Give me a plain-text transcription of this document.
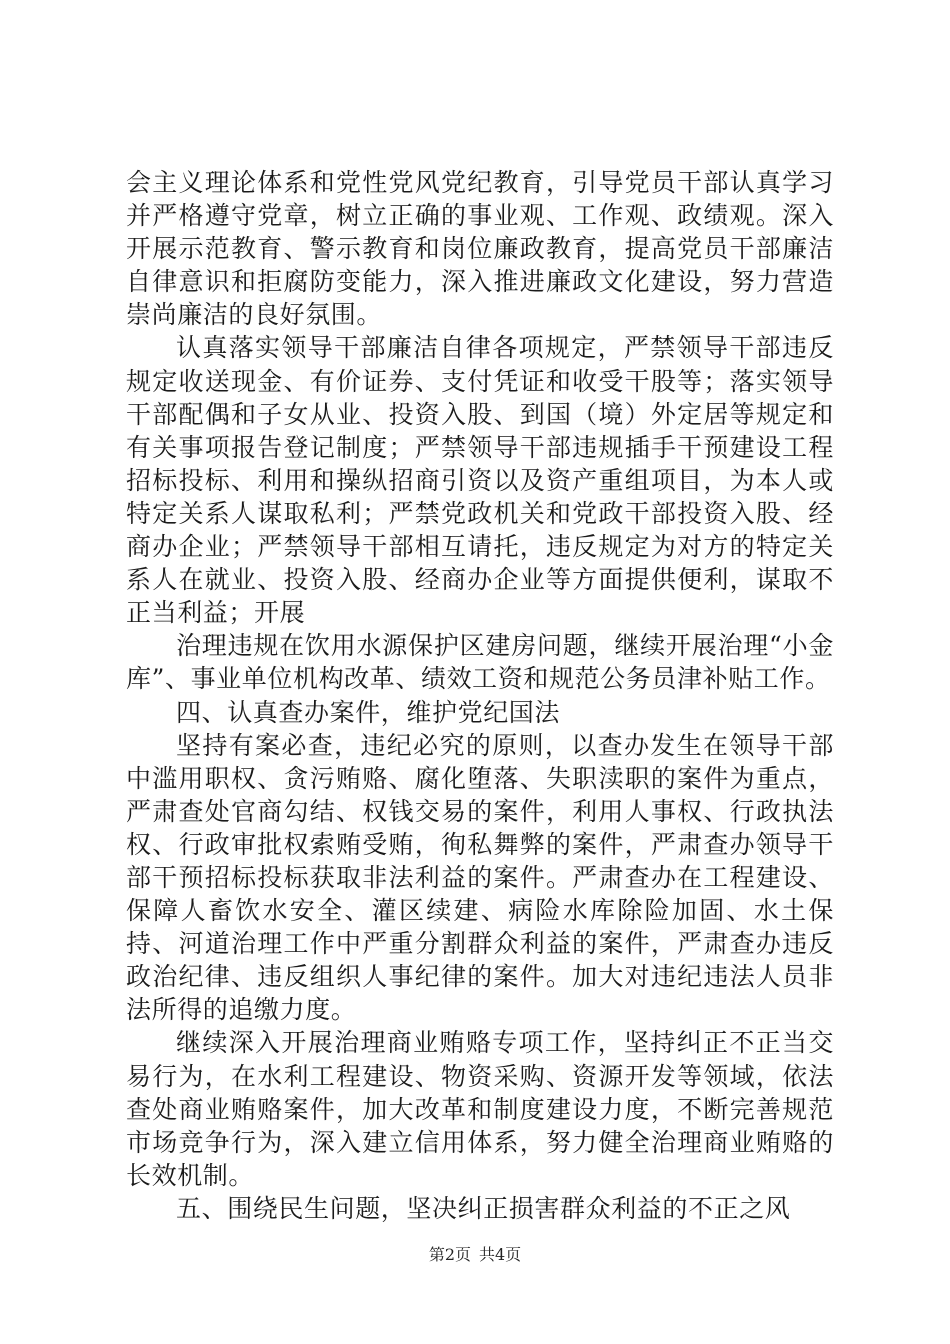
会主义理论体系和党性党风党纪教育，引导党员干部认真学习并严格遵守党章，树立正确的事业观、工作观、政绩观。深入开展示范教育、警示教育和岗位廉政教育，提高党员干部廉洁自律意识和拒腐防变能力，深入推进廉政文化建设，努力营造崇尚廉洁的良好氛围。

认真落实领导干部廉洁自律各项规定，严禁领导干部违反规定收送现金、有价证券、支付凭证和收受干股等；落实领导干部配偶和子女从业、投资入股、到国（境）外定居等规定和有关事项报告登记制度；严禁领导干部违规插手干预建设工程招标投标、利用和操纵招商引资以及资产重组项目，为本人或特定关系人谋取私利；严禁党政机关和党政干部投资入股、经商办企业；严禁领导干部相互请托，违反规定为对方的特定关系人在就业、投资入股、经商办企业等方面提供便利，谋取不正当利益；开展

治理违规在饮用水源保护区建房问题，继续开展治理“小金库”、事业单位机构改革、绩效工资和规范公务员津补贴工作。

四、认真查办案件，维护党纪国法

坚持有案必查，违纪必究的原则，以查办发生在领导干部中滥用职权、贪污贿赂、腐化堕落、失职渎职的案件为重点，严肃查处官商勾结、权钱交易的案件，利用人事权、行政执法权、行政审批权索贿受贿，徇私舞弊的案件，严肃查办领导干部干预招标投标获取非法利益的案件。严肃查办在工程建设、保障人畜饮水安全、灌区续建、病险水库除险加固、水土保持、河道治理工作中严重分割群众利益的案件，严肃查办违反政治纪律、违反组织人事纪律的案件。加大对违纪违法人员非法所得的追缴力度。

继续深入开展治理商业贿赂专项工作，坚持纠正不正当交易行为，在水利工程建设、物资采购、资源开发等领域，依法查处商业贿赂案件，加大改革和制度建设力度，不断完善规范市场竞争行为，深入建立信用体系，努力健全治理商业贿赂的长效机制。

五、围绕民生问题，坚决纠正损害群众利益的不正之风

第2页 共4页
